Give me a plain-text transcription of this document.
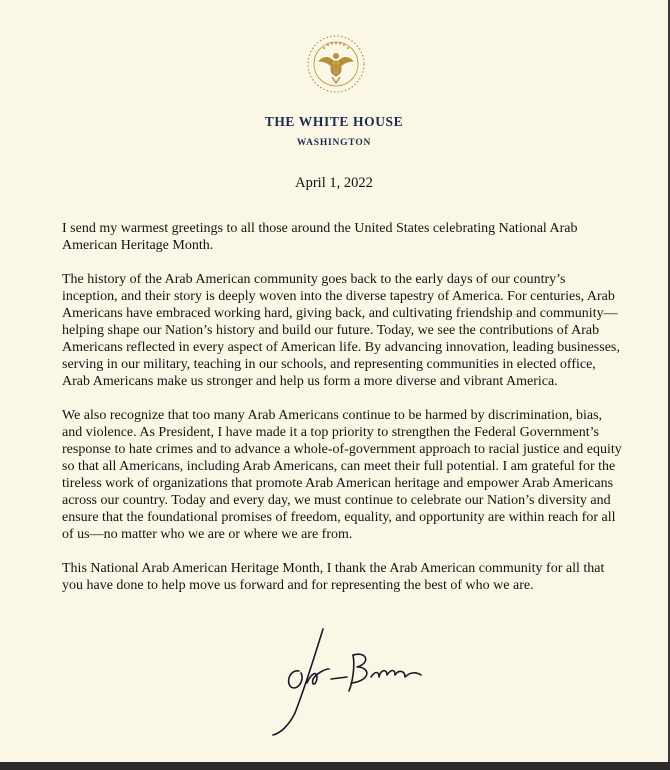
THE WHITE HOUSE
WASHINGTON
April 1, 2022

I send my warmest greetings to all those around the United States celebrating National Arab American Heritage Month.

The history of the Arab American community goes back to the early days of our country’s inception, and their story is deeply woven into the diverse tapestry of America. For centuries, Arab Americans have embraced working hard, giving back, and cultivating friendship and community—helping shape our Nation’s history and build our future. Today, we see the contributions of Arab Americans reflected in every aspect of American life. By advancing innovation, leading businesses, serving in our military, teaching in our schools, and representing communities in elected office, Arab Americans make us stronger and help us form a more diverse and vibrant America.

We also recognize that too many Arab Americans continue to be harmed by discrimination, bias, and violence. As President, I have made it a top priority to strengthen the Federal Government’s response to hate crimes and to advance a whole-of-government approach to racial justice and equity so that all Americans, including Arab Americans, can meet their full potential. I am grateful for the tireless work of organizations that promote Arab American heritage and empower Arab Americans across our country. Today and every day, we must continue to celebrate our Nation’s diversity and ensure that the foundational promises of freedom, equality, and opportunity are within reach for all of us—no matter who we are or where we are from.

This National Arab American Heritage Month, I thank the Arab American community for all that you have done to help move us forward and for representing the best of who we are.
